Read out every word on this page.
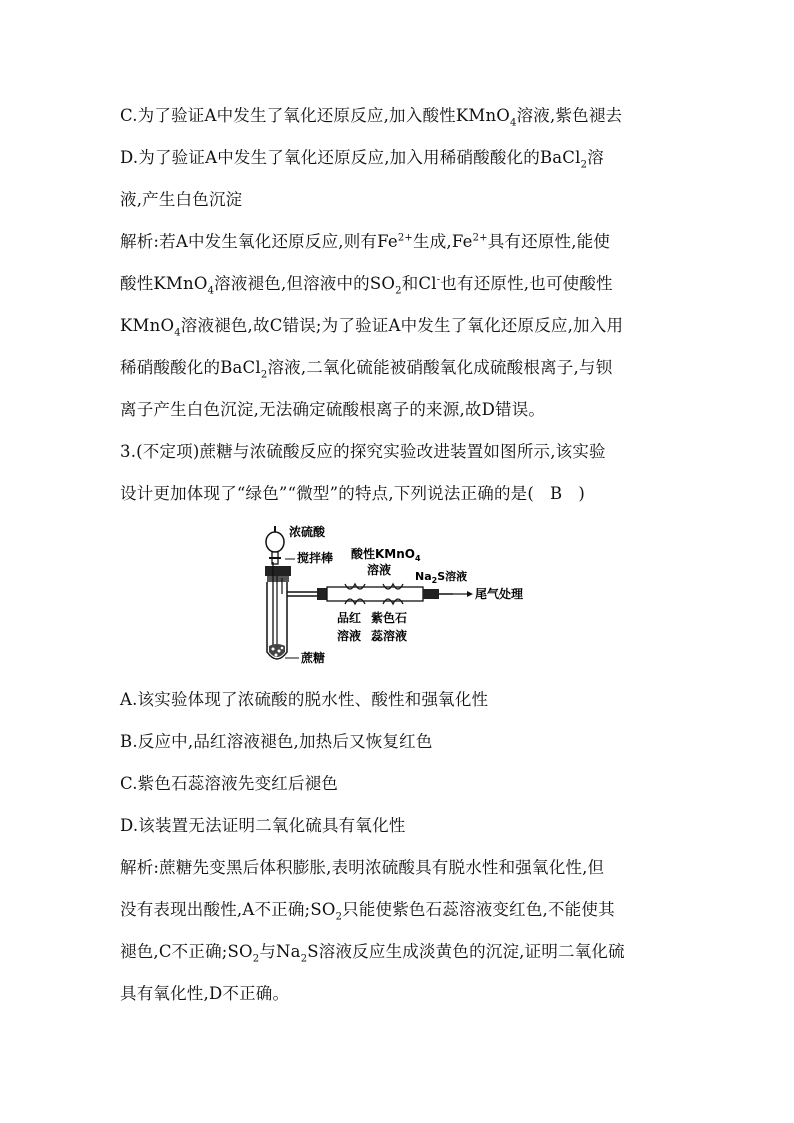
C.为了验证A中发生了氧化还原反应,加入酸性KMnO$_4$溶液,紫色褪去
D.为了验证A中发生了氧化还原反应,加入用稀硝酸酸化的BaCl$_2$溶
液,产生白色沉淀
解析:若A中发生氧化还原反应,则有$Fe^{2+}$生成$,Fe^{2+}$具有还原性,能使
酸性KMnO$_4$溶液褪色,但溶液中的$SO_2$和Cl-也有还原性,也可使酸性
KMnO$_4$溶液褪色,故C错误;为了验证A中发生了氧化还原反应,加入用
稀硝酸酸化的BaCl$_2$溶液,二氧化硫能被硝酸氧化成硫酸根离子,与钡
离子产生白色沉淀,无法确定硫酸根离子的来源,故D错误。
3.(不定项)蔗糖与浓硫酸反应的探究实验改进装置如图所示,该实验
设计更加体现了“绿色”“微型”的特点,下列说法正确的是( B )
浓硫酸
搅拌棒 酸性KMnO$_4$
溶液 $Na_2S$溶液
尾气处理
品红
溶液
紫色石
蕊溶液
蔗糖
A.该实验体现了浓硫酸的脱水性、酸性和强氧化性
B.反应中,品红溶液褪色,加热后又恢复红色
C.紫色石蕊溶液先变红后褪色
D.该装置无法证明二氧化硫具有氧化性
解析:蔗糖先变黑后体积膨胀,表明浓硫酸具有脱水性和强氧化性,但
没有表现出酸性,A不正确$;SO_2$只能使紫色石蕊溶液变红色,不能使其
褪色,C不正确$;SO_2$与$Na_2S$溶液反应生成淡黄色的沉淀,证明二氧化硫
具有氧化性,D不正确。
